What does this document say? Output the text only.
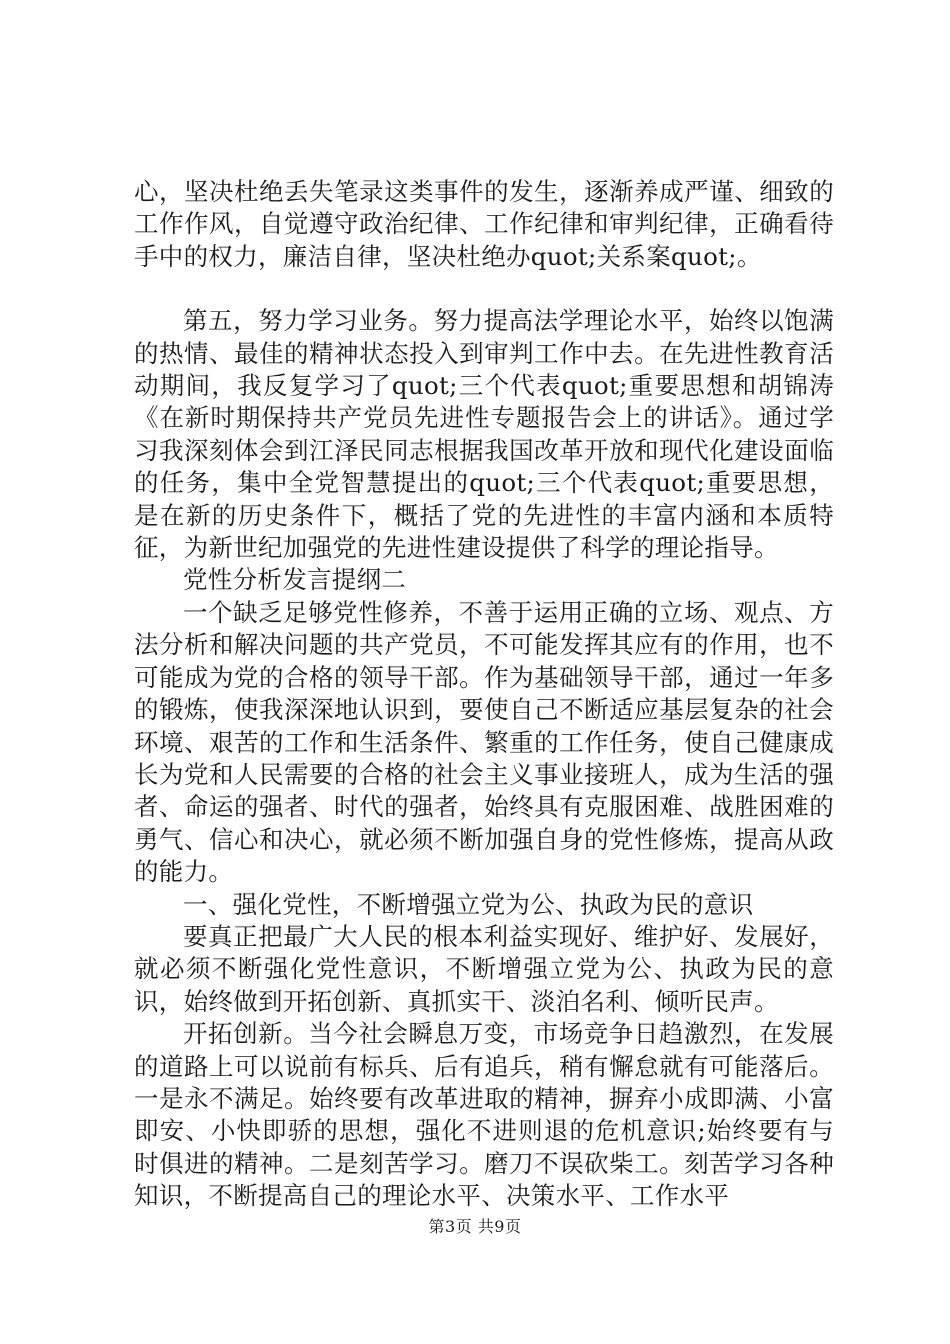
心，坚决杜绝丢失笔录这类事件的发生，逐渐养成严谨、细致的工作作风，自觉遵守政治纪律、工作纪律和审判纪律，正确看待手中的权力，廉洁自律，坚决杜绝办quot;关系案quot;。

第五，努力学习业务。努力提高法学理论水平，始终以饱满的热情、最佳的精神状态投入到审判工作中去。在先进性教育活动期间，我反复学习了quot;三个代表quot;重要思想和胡锦涛《在新时期保持共产党员先进性专题报告会上的讲话》。通过学习我深刻体会到江泽民同志根据我国改革开放和现代化建设面临的任务，集中全党智慧提出的quot;三个代表quot;重要思想，是在新的历史条件下，概括了党的先进性的丰富内涵和本质特征，为新世纪加强党的先进性建设提供了科学的理论指导。

党性分析发言提纲二

一个缺乏足够党性修养，不善于运用正确的立场、观点、方法分析和解决问题的共产党员，不可能发挥其应有的作用，也不可能成为党的合格的领导干部。作为基础领导干部，通过一年多的锻炼，使我深深地认识到，要使自己不断适应基层复杂的社会环境、艰苦的工作和生活条件、繁重的工作任务，使自己健康成长为党和人民需要的合格的社会主义事业接班人，成为生活的强者、命运的强者、时代的强者，始终具有克服困难、战胜困难的勇气、信心和决心，就必须不断加强自身的党性修炼，提高从政的能力。

一、强化党性，不断增强立党为公、执政为民的意识

要真正把最广大人民的根本利益实现好、维护好、发展好，就必须不断强化党性意识，不断增强立党为公、执政为民的意识，始终做到开拓创新、真抓实干、淡泊名利、倾听民声。

开拓创新。当今社会瞬息万变，市场竞争日趋激烈，在发展的道路上可以说前有标兵、后有追兵，稍有懈怠就有可能落后。一是永不满足。始终要有改革进取的精神，摒弃小成即满、小富即安、小快即骄的思想，强化不进则退的危机意识;始终要有与时俱进的精神。二是刻苦学习。磨刀不误砍柴工。刻苦学习各种知识，不断提高自己的理论水平、决策水平、工作水平

第3页 共9页
